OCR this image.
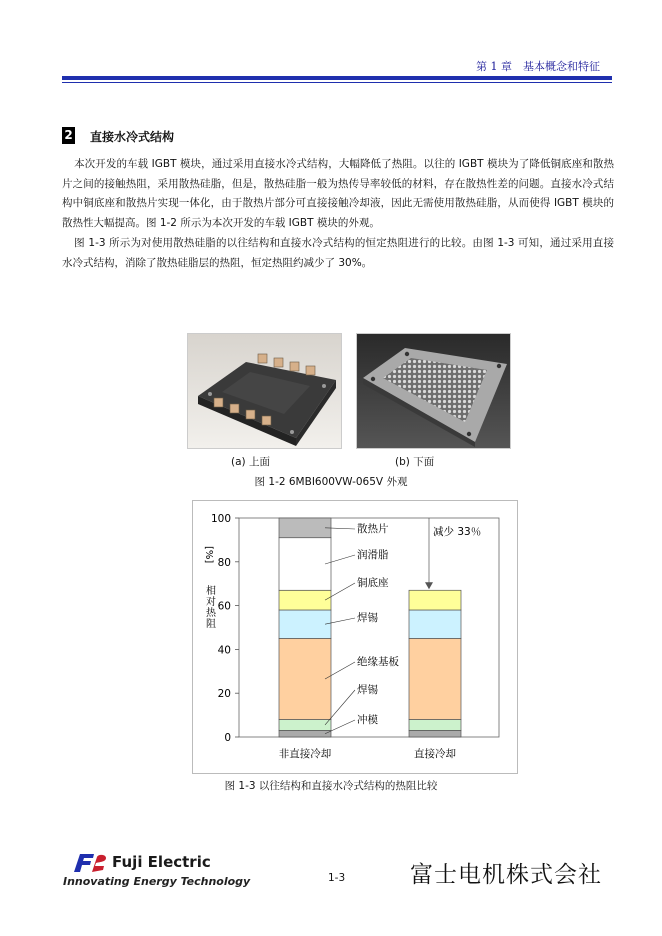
第 1 章　基本概念和特征
2 直接水冷式结构
本次开发的车载 IGBT 模块，通过采用直接水冷式结构，大幅降低了热阻。以往的 IGBT 模块为了降低铜底座和散热片之间的接触热阻，采用散热硅脂，但是，散热硅脂一般为热传导率较低的材料，存在散热性差的问题。直接水冷式结构中铜底座和散热片实现一体化，由于散热片部分可直接接触冷却液，因此无需使用散热硅脂，从而使得 IGBT 模块的散热性大幅提高。图 1-2 所示为本次开发的车载 IGBT 模块的外观。
图 1-3 所示为对使用散热硅脂的以往结构和直接水冷式结构的恒定热阻进行的比较。由图 1-3 可知，通过采用直接水冷式结构，消除了散热硅脂层的热阻，恒定热阻约减少了 30%。
(a) 上面	(b) 下面
图 1-2 6MBI600VW-065V 外观
0
20
40
60
80
100
非直接冷却	直接冷却
冲模
焊锡
绝缘基板
焊锡
铜底座
润滑脂
散热片	减少 33％
[%]
相对热阻
图 1-3 以往结构和直接水冷式结构的热阻比较
Fuji Electric
Innovating Energy Technology	1-3	富士电机株式会社
